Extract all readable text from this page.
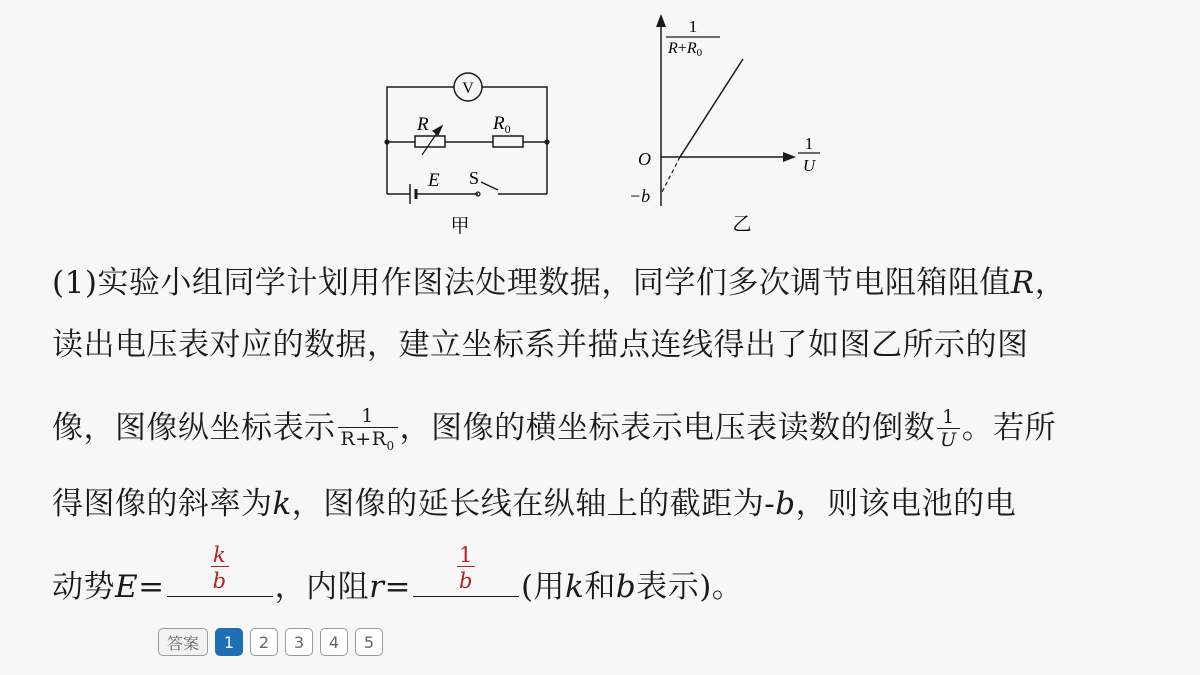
V
R	$R_0$
E S
甲
1
R+R0
1
U
O
−b
乙
(1)实验小组同学计划用作图法处理数据，同学们多次调节电阻箱阻值R，
读出电压表对应的数据，建立坐标系并描点连线得出了如图乙所示的图
像，图像纵坐标表示 $\frac{1}{R+R_0}$ ，图像的横坐标表示电压表读数的倒数 $\frac{1}{U}$ 。若所
得图像的斜率为k，图像的延长线在纵轴上的截距为-b，则该电池的电
动势$E= \frac{k}{b}$ ，内阻$r= \frac{1}{b}$ (用k和b表示)。
答案	1	2	3	4	5
